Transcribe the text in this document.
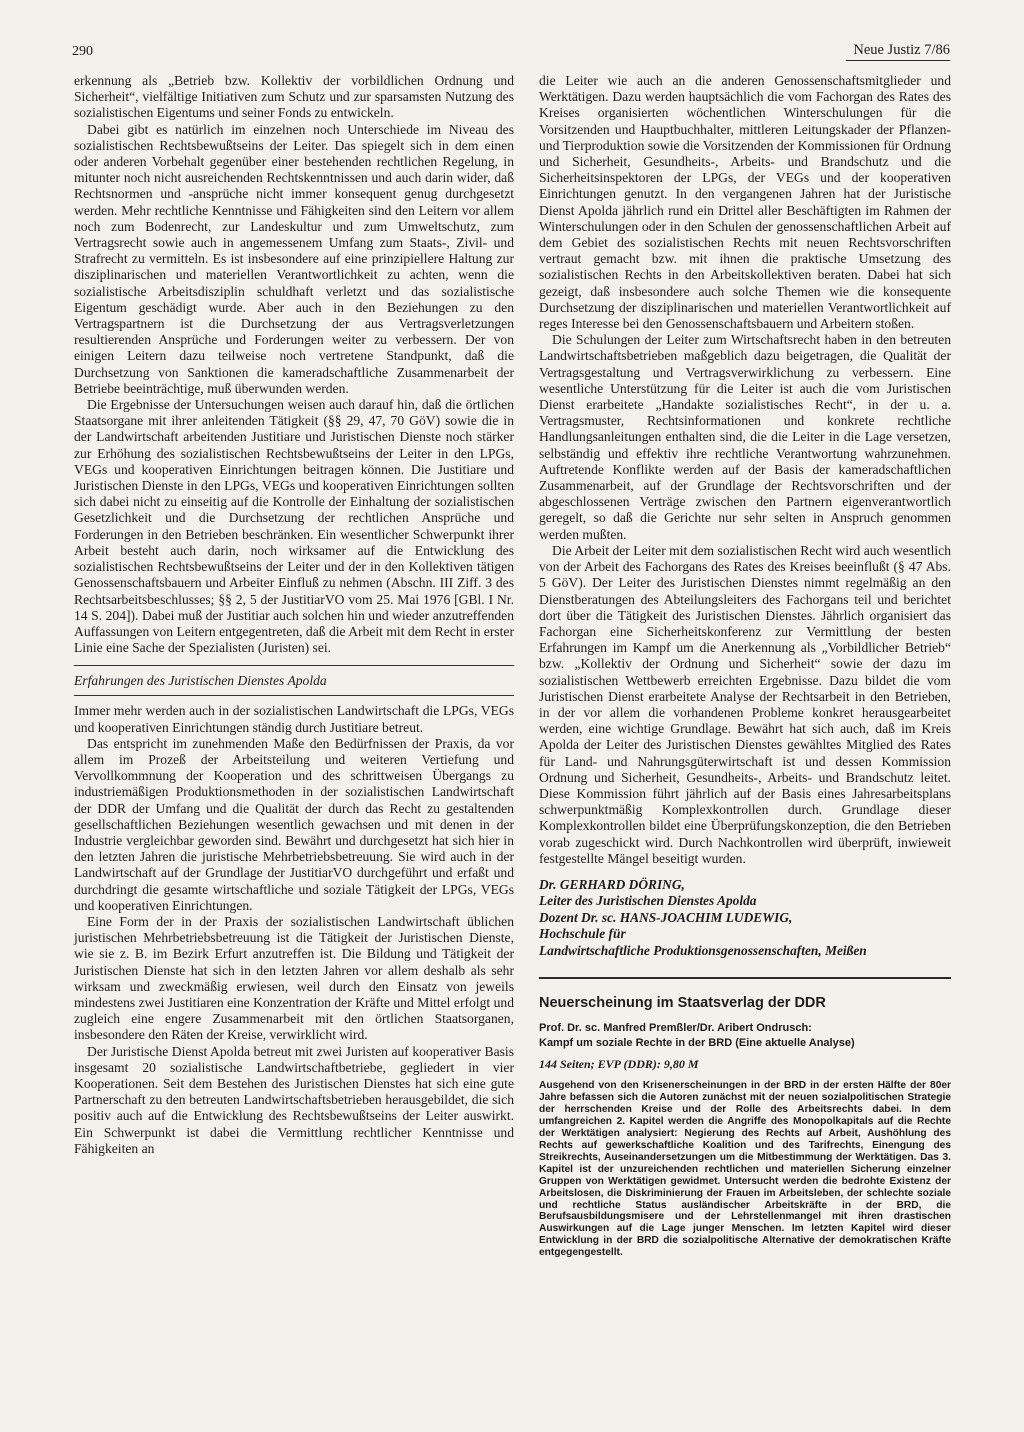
290	Neue Justiz 7/86

erkennung als „Betrieb bzw. Kollektiv der vorbildlichen Ordnung und Sicherheit“, vielfältige Initiativen zum Schutz und zur sparsamsten Nutzung des sozialistischen Eigentums und seiner Fonds zu entwickeln.

Dabei gibt es natürlich im einzelnen noch Unterschiede im Niveau des sozialistischen Rechtsbewußtseins der Leiter. Das spiegelt sich in dem einen oder anderen Vorbehalt gegenüber einer bestehenden rechtlichen Regelung, in mitunter noch nicht ausreichenden Rechtskenntnissen und auch darin wider, daß Rechtsnormen und -ansprüche nicht immer konsequent genug durchgesetzt werden. Mehr rechtliche Kenntnisse und Fähigkeiten sind den Leitern vor allem noch zum Bodenrecht, zur Landeskultur und zum Umweltschutz, zum Vertragsrecht sowie auch in angemessenem Umfang zum Staats-, Zivil- und Strafrecht zu vermitteln. Es ist insbesondere auf eine prinzipiellere Haltung zur disziplinarischen und materiellen Verantwortlichkeit zu achten, wenn die sozialistische Arbeitsdisziplin schuldhaft verletzt und das sozialistische Eigentum geschädigt wurde. Aber auch in den Beziehungen zu den Vertragspartnern ist die Durchsetzung der aus Vertragsverletzungen resultierenden Ansprüche und Forderungen weiter zu verbessern. Der von einigen Leitern dazu teilweise noch vertretene Standpunkt, daß die Durchsetzung von Sanktionen die kameradschaftliche Zusammenarbeit der Betriebe beeinträchtige, muß überwunden werden.

Die Ergebnisse der Untersuchungen weisen auch darauf hin, daß die örtlichen Staatsorgane mit ihrer anleitenden Tätigkeit (§§ 29, 47, 70 GöV) sowie die in der Landwirtschaft arbeitenden Justitiare und Juristischen Dienste noch stärker zur Erhöhung des sozialistischen Rechtsbewußtseins der Leiter in den LPGs, VEGs und kooperativen Einrichtungen beitragen können. Die Justitiare und Juristischen Dienste in den LPGs, VEGs und kooperativen Einrichtungen sollten sich dabei nicht zu einseitig auf die Kontrolle der Einhaltung der sozialistischen Gesetzlichkeit und die Durchsetzung der rechtlichen Ansprüche und Forderungen in den Betrieben beschränken. Ein wesentlicher Schwerpunkt ihrer Arbeit besteht auch darin, noch wirksamer auf die Entwicklung des sozialistischen Rechtsbewußtseins der Leiter und der in den Kollektiven tätigen Genossenschaftsbauern und Arbeiter Einfluß zu nehmen (Abschn. III Ziff. 3 des Rechtsarbeitsbeschlusses; §§ 2, 5 der JustitiarVO vom 25. Mai 1976 [GBl. I Nr. 14 S. 204]). Dabei muß der Justitiar auch solchen hin und wieder anzutreffenden Auffassungen von Leitern entgegentreten, daß die Arbeit mit dem Recht in erster Linie eine Sache der Spezialisten (Juristen) sei.

Erfahrungen des Juristischen Dienstes Apolda

Immer mehr werden auch in der sozialistischen Landwirtschaft die LPGs, VEGs und kooperativen Einrichtungen ständig durch Justitiare betreut.

Das entspricht im zunehmenden Maße den Bedürfnissen der Praxis, da vor allem im Prozeß der Arbeitsteilung und weiteren Vertiefung und Vervollkommnung der Kooperation und des schrittweisen Übergangs zu industriemäßigen Produktionsmethoden in der sozialistischen Landwirtschaft der DDR der Umfang und die Qualität der durch das Recht zu gestaltenden gesellschaftlichen Beziehungen wesentlich gewachsen und mit denen in der Industrie vergleichbar geworden sind. Bewährt und durchgesetzt hat sich hier in den letzten Jahren die juristische Mehrbetriebsbetreuung. Sie wird auch in der Landwirtschaft auf der Grundlage der JustitiarVO durchgeführt und erfaßt und durchdringt die gesamte wirtschaftliche und soziale Tätigkeit der LPGs, VEGs und kooperativen Einrichtungen.

Eine Form der in der Praxis der sozialistischen Landwirtschaft üblichen juristischen Mehrbetriebsbetreuung ist die Tätigkeit der Juristischen Dienste, wie sie z. B. im Bezirk Erfurt anzutreffen ist. Die Bildung und Tätigkeit der Juristischen Dienste hat sich in den letzten Jahren vor allem deshalb als sehr wirksam und zweckmäßig erwiesen, weil durch den Einsatz von jeweils mindestens zwei Justitiaren eine Konzentration der Kräfte und Mittel erfolgt und zugleich eine engere Zusammenarbeit mit den örtlichen Staatsorganen, insbesondere den Räten der Kreise, verwirklicht wird.

Der Juristische Dienst Apolda betreut mit zwei Juristen auf kooperativer Basis insgesamt 20 sozialistische Landwirtschaftbetriebe, gegliedert in vier Kooperationen. Seit dem Bestehen des Juristischen Dienstes hat sich eine gute Partnerschaft zu den betreuten Landwirtschaftsbetrieben herausgebildet, die sich positiv auch auf die Entwicklung des Rechtsbewußtseins der Leiter auswirkt. Ein Schwerpunkt ist dabei die Vermittlung rechtlicher Kenntnisse und Fähigkeiten an

die Leiter wie auch an die anderen Genossenschaftsmitglieder und Werktätigen. Dazu werden hauptsächlich die vom Fachorgan des Rates des Kreises organisierten wöchentlichen Winterschulungen für die Vorsitzenden und Hauptbuchhalter, mittleren Leitungskader der Pflanzen- und Tierproduktion sowie die Vorsitzenden der Kommissionen für Ordnung und Sicherheit, Gesundheits-, Arbeits- und Brandschutz und die Sicherheitsinspektoren der LPGs, der VEGs und der kooperativen Einrichtungen genutzt. In den vergangenen Jahren hat der Juristische Dienst Apolda jährlich rund ein Drittel aller Beschäftigten im Rahmen der Winterschulungen oder in den Schulen der genossenschaftlichen Arbeit auf dem Gebiet des sozialistischen Rechts mit neuen Rechtsvorschriften vertraut gemacht bzw. mit ihnen die praktische Umsetzung des sozialistischen Rechts in den Arbeitskollektiven beraten. Dabei hat sich gezeigt, daß insbesondere auch solche Themen wie die konsequente Durchsetzung der disziplinarischen und materiellen Verantwortlichkeit auf reges Interesse bei den Genossenschaftsbauern und Arbeitern stoßen.

Die Schulungen der Leiter zum Wirtschaftsrecht haben in den betreuten Landwirtschaftsbetrieben maßgeblich dazu beigetragen, die Qualität der Vertragsgestaltung und Vertragsverwirklichung zu verbessern. Eine wesentliche Unterstützung für die Leiter ist auch die vom Juristischen Dienst erarbeitete „Handakte sozialistisches Recht“, in der u. a. Vertragsmuster, Rechtsinformationen und konkrete rechtliche Handlungsanleitungen enthalten sind, die die Leiter in die Lage versetzen, selbständig und effektiv ihre rechtliche Verantwortung wahrzunehmen. Auftretende Konflikte werden auf der Basis der kameradschaftlichen Zusammenarbeit, auf der Grundlage der Rechtsvorschriften und der abgeschlossenen Verträge zwischen den Partnern eigenverantwortlich geregelt, so daß die Gerichte nur sehr selten in Anspruch genommen werden mußten.

Die Arbeit der Leiter mit dem sozialistischen Recht wird auch wesentlich von der Arbeit des Fachorgans des Rates des Kreises beeinflußt (§ 47 Abs. 5 GöV). Der Leiter des Juristischen Dienstes nimmt regelmäßig an den Dienstberatungen des Abteilungsleiters des Fachorgans teil und berichtet dort über die Tätigkeit des Juristischen Dienstes. Jährlich organisiert das Fachorgan eine Sicherheitskonferenz zur Vermittlung der besten Erfahrungen im Kampf um die Anerkennung als „Vorbildlicher Betrieb“ bzw. „Kollektiv der Ordnung und Sicherheit“ sowie der dazu im sozialistischen Wettbewerb erreichten Ergebnisse. Dazu bildet die vom Juristischen Dienst erarbeitete Analyse der Rechtsarbeit in den Betrieben, in der vor allem die vorhandenen Probleme konkret herausgearbeitet werden, eine wichtige Grundlage. Bewährt hat sich auch, daß im Kreis Apolda der Leiter des Juristischen Dienstes gewähltes Mitglied des Rates für Land- und Nahrungsgüterwirtschaft ist und dessen Kommission Ordnung und Sicherheit, Gesundheits-, Arbeits- und Brandschutz leitet. Diese Kommission führt jährlich auf der Basis eines Jahresarbeitsplans schwerpunktmäßig Komplexkontrollen durch. Grundlage dieser Komplexkontrollen bildet eine Überprüfungskonzeption, die den Betrieben vorab zugeschickt wird. Durch Nachkontrollen wird überprüft, inwieweit festgestellte Mängel beseitigt wurden.

Dr. GERHARD DÖRING,

Leiter des Juristischen Dienstes Apolda

Dozent Dr. sc. HANS-JOACHIM LUDEWIG,

Hochschule für

Landwirtschaftliche Produktionsgenossenschaften, Meißen

Neuerscheinung im Staatsverlag der DDR
Prof. Dr. sc. Manfred Premßler/Dr. Aribert Ondrusch:
Kampf um soziale Rechte in der BRD (Eine aktuelle Analyse)
144 Seiten; EVP (DDR): 9,80 M
Ausgehend von den Krisenerscheinungen in der BRD in der ersten Hälfte der 80er Jahre befassen sich die Autoren zunächst mit der neuen sozialpolitischen Strategie der herrschenden Kreise und der Rolle des Arbeitsrechts dabei. In dem umfangreichen 2. Kapitel werden die Angriffe des Monopolkapitals auf die Rechte der Werktätigen analysiert: Negierung des Rechts auf Arbeit, Aushöhlung des Rechts auf gewerkschaftliche Koalition und des Tarifrechts, Einengung des Streikrechts, Auseinandersetzungen um die Mitbestimmung der Werktätigen. Das 3. Kapitel ist der unzureichenden rechtlichen und materiellen Sicherung einzelner Gruppen von Werktätigen gewidmet. Untersucht werden die bedrohte Existenz der Arbeitslosen, die Diskriminierung der Frauen im Arbeitsleben, der schlechte soziale und rechtliche Status ausländischer Arbeitskräfte in der BRD, die Berufsausbildungsmisere und der Lehrstellenmangel mit ihren drastischen Auswirkungen auf die Lage junger Menschen. Im letzten Kapitel wird dieser Entwicklung in der BRD die sozialpolitische Alternative der demokratischen Kräfte entgegengestellt.
